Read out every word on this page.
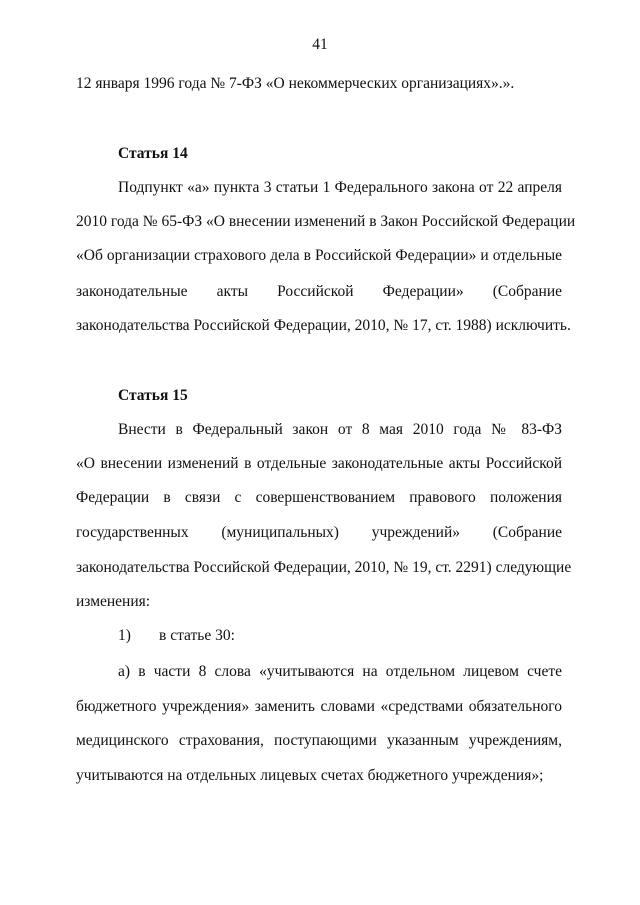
41
12 января 1996 года № 7-ФЗ «О некоммерческих организациях».».
Статья 14
Подпункт «а» пункта 3 статьи 1 Федерального закона от 22 апреля
2010 года № 65-ФЗ «О внесении изменений в Закон Российской Федерации
«Об организации страхового дела в Российской Федерации» и отдельные
законодательные акты Российской Федерации» (Собрание
законодательства Российской Федерации, 2010, № 17, ст. 1988) исключить.
Статья 15
Внести в Федеральный закон от 8 мая 2010 года № 83-ФЗ
«О внесении изменений в отдельные законодательные акты Российской
Федерации в связи с совершенствованием правового положения
государственных (муниципальных) учреждений» (Собрание
законодательства Российской Федерации, 2010, № 19, ст. 2291) следующие
изменения:
1) в статье 30:
а) в части 8 слова «учитываются на отдельном лицевом счете
бюджетного учреждения» заменить словами «средствами обязательного
медицинского страхования, поступающими указанным учреждениям,
учитываются на отдельных лицевых счетах бюджетного учреждения»;
